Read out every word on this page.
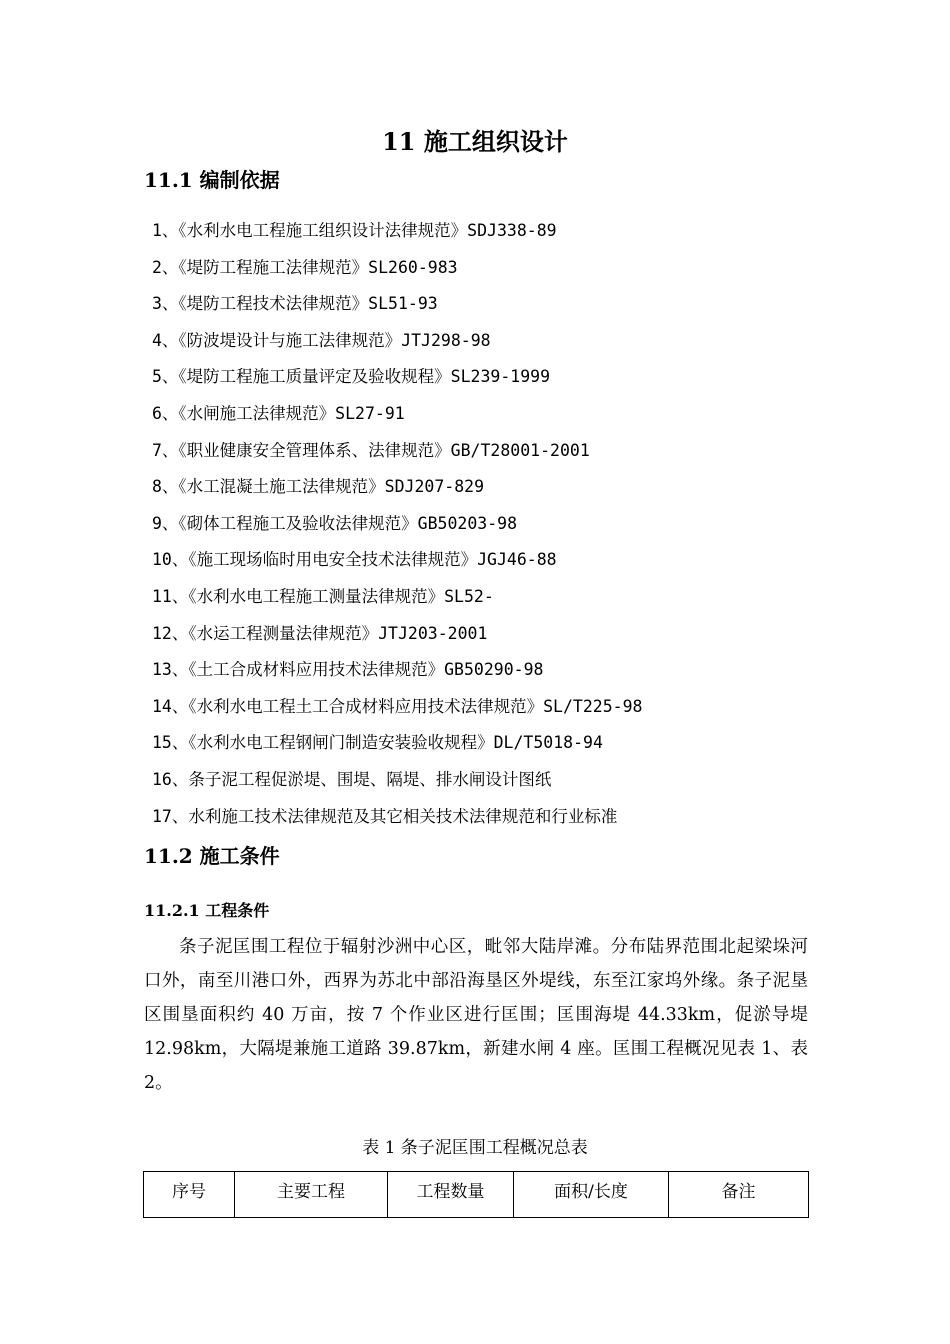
11 施工组织设计
11.1 编制依据
1、《水利水电工程施工组织设计法律规范》SDJ338-89
2、《堤防工程施工法律规范》SL260-983
3、《堤防工程技术法律规范》SL51-93
4、《防波堤设计与施工法律规范》JTJ298-98
5、《堤防工程施工质量评定及验收规程》SL239-1999
6、《水闸施工法律规范》SL27-91
7、《职业健康安全管理体系、法律规范》GB/T28001-2001
8、《水工混凝土施工法律规范》SDJ207-829
9、《砌体工程施工及验收法律规范》GB50203-98
10、《施工现场临时用电安全技术法律规范》JGJ46-88
11、《水利水电工程施工测量法律规范》SL52-
12、《水运工程测量法律规范》JTJ203-2001
13、《土工合成材料应用技术法律规范》GB50290-98
14、《水利水电工程土工合成材料应用技术法律规范》SL/T225-98
15、《水利水电工程钢闸门制造安装验收规程》DL/T5018-94
16、条子泥工程促淤堤、围堤、隔堤、排水闸设计图纸
17、水利施工技术法律规范及其它相关技术法律规范和行业标准
11.2 施工条件
11.2.1 工程条件

条子泥匡围工程位于辐射沙洲中心区，毗邻大陆岸滩。分布陆界范围北起梁垛河口外，南至川港口外，西界为苏北中部沿海垦区外堤线，东至江家坞外缘。条子泥垦区围垦面积约 40 万亩，按 7 个作业区进行匡围；匡围海堤 44.33km，促淤导堤 12.98km，大隔堤兼施工道路 39.87km，新建水闸 4 座。匡围工程概况见表 1、表 2。

表 1 条子泥匡围工程概况总表
序号	主要工程	工程数量	面积/长度	备注
